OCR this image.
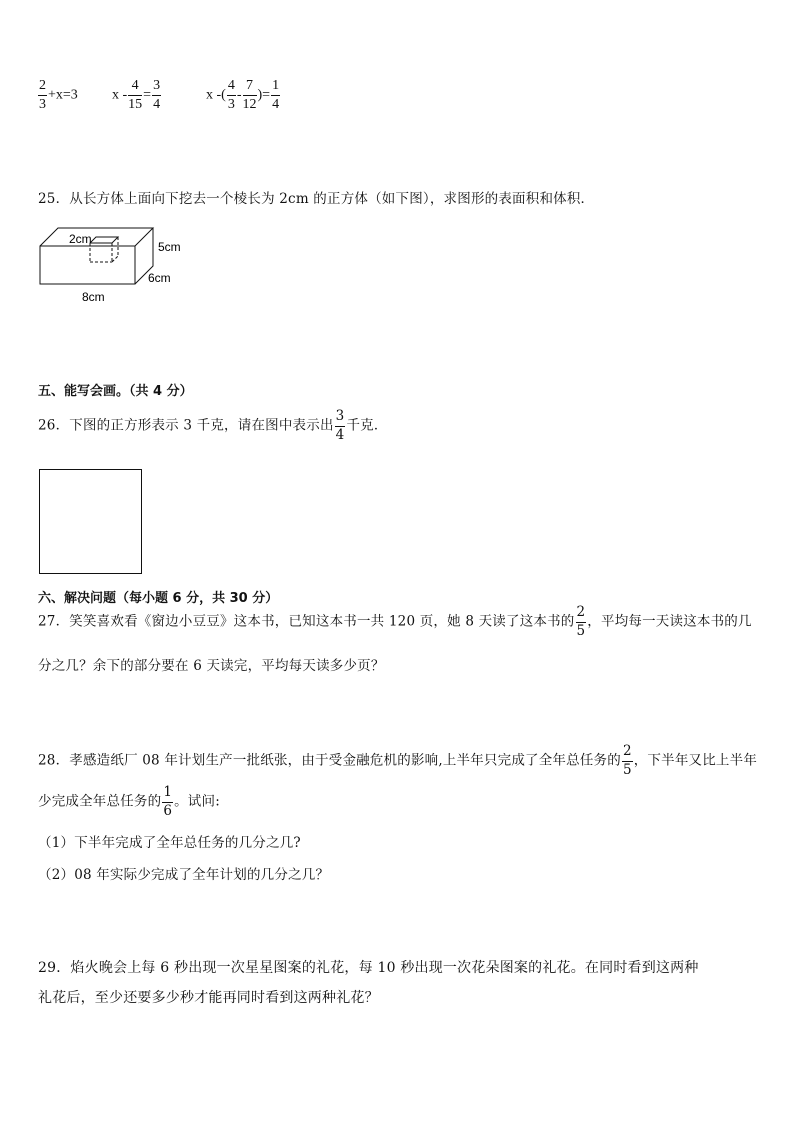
$\frac{2}{3} +x=3$ $x - \frac{4}{15} = \frac{3}{4}$	x -( $\frac{4}{3} - \frac{7}{12}$ )= $\frac{1}{4}$
25．从长方体上面向下挖去一个棱长为 2cm 的正方体（如下图），求图形的表面积和体积．
2cm
5cm
6cm
8cm
五、能写会画。（共 4 分）
26．下图的正方形表示 3 千克，请在图中表示出 $\frac{3}{4}$ 千克．
六、解决问题（每小题 6 分，共 30 分）
27．笑笑喜欢看《窗边小豆豆》这本书，已知这本书一共 120 页，她 8 天读了这本书的 $\frac{2}{5}$ ，平均每一天读这本书的几
分之几？余下的部分要在 6 天读完，平均每天读多少页？
28．孝感造纸厂 08 年计划生产一批纸张，由于受金融危机的影响,上半年只完成了全年总任务的 $\frac{2}{5}$ ，下半年又比上半年
少完成全年总任务的 $\frac{1}{6}$ 。试问:
（1）下半年完成了全年总任务的几分之几?
（2）08 年实际少完成了全年计划的几分之几？
29．焰火晚会上每 6 秒出现一次星星图案的礼花，每 10 秒出现一次花朵图案的礼花。在同时看到这两种
礼花后，至少还要多少秒才能再同时看到这两种礼花？
